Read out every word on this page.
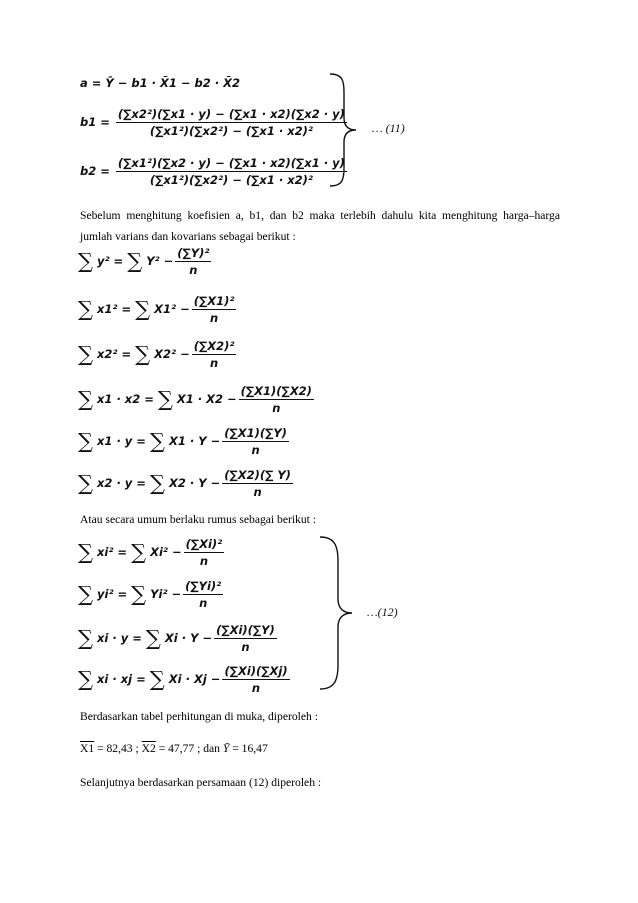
a = Ȳ − b1 · X̄1 − b2 · X̄2
$b1 = \frac{\text{(∑x2²)(∑x1 · y) − (∑x1 · x2)(∑x2 · y)}}{\text{(∑x1²)(∑x2²) − (∑x1 · x2)²}}$
$b2 = \frac{\text{(∑x1²)(∑x2 · y) − (∑x1 · x2)(∑x1 · y)}}{\text{(∑x1²)(∑x2²) − (∑x1 · x2)²}}$
… (11)
Sebelum menghitung koefisien a, b1, dan b2 maka terlebih dahulu kita menghitung harga–harga jumlah varians dan kovarians sebagai berikut :
∑ y² = ∑ $Y^2 - \frac{\text{(∑Y)²}}{n}$
∑ x1² = ∑ $X1^2 - \frac{\text{(∑X1)²}}{n}$
∑ x2² = ∑ $X2^2 - \frac{\text{(∑X2)²}}{n}$
∑ x1 · x2 = ∑ $X1 \cdot X2 - \frac{(\sum X1)(\sum X2)}{n}$
∑ x1 · y = ∑ $X1 \cdot Y - \frac{(\sum X1)(\sum Y)}{n}$
∑ x2 · y = ∑ $X2 \cdot Y - \frac{(\sum X2)(\sum Y)}{n}$
Atau secara umum berlaku rumus sebagai berikut :
∑ xi² = ∑ $Xi^2 - \frac{\text{(∑Xi)²}}{n}$
∑ yi² = ∑ $Yi^2 - \frac{\text{(∑Yi)²}}{n}$
∑ xi · y = ∑ $Xi \cdot Y - \frac{(\sum Xi)(\sum Y)}{n}$
∑ xi · xj = ∑ $Xi \cdot Xj - \frac{(\sum Xi)(\sum Xj)}{n}$
…(12)
Berdasarkan tabel perhitungan di muka, diperoleh :
X1 = 82,43 ; X2 = 47,77 ; dan Ȳ = 16,47
Selanjutnya berdasarkan persamaan (12) diperoleh :
